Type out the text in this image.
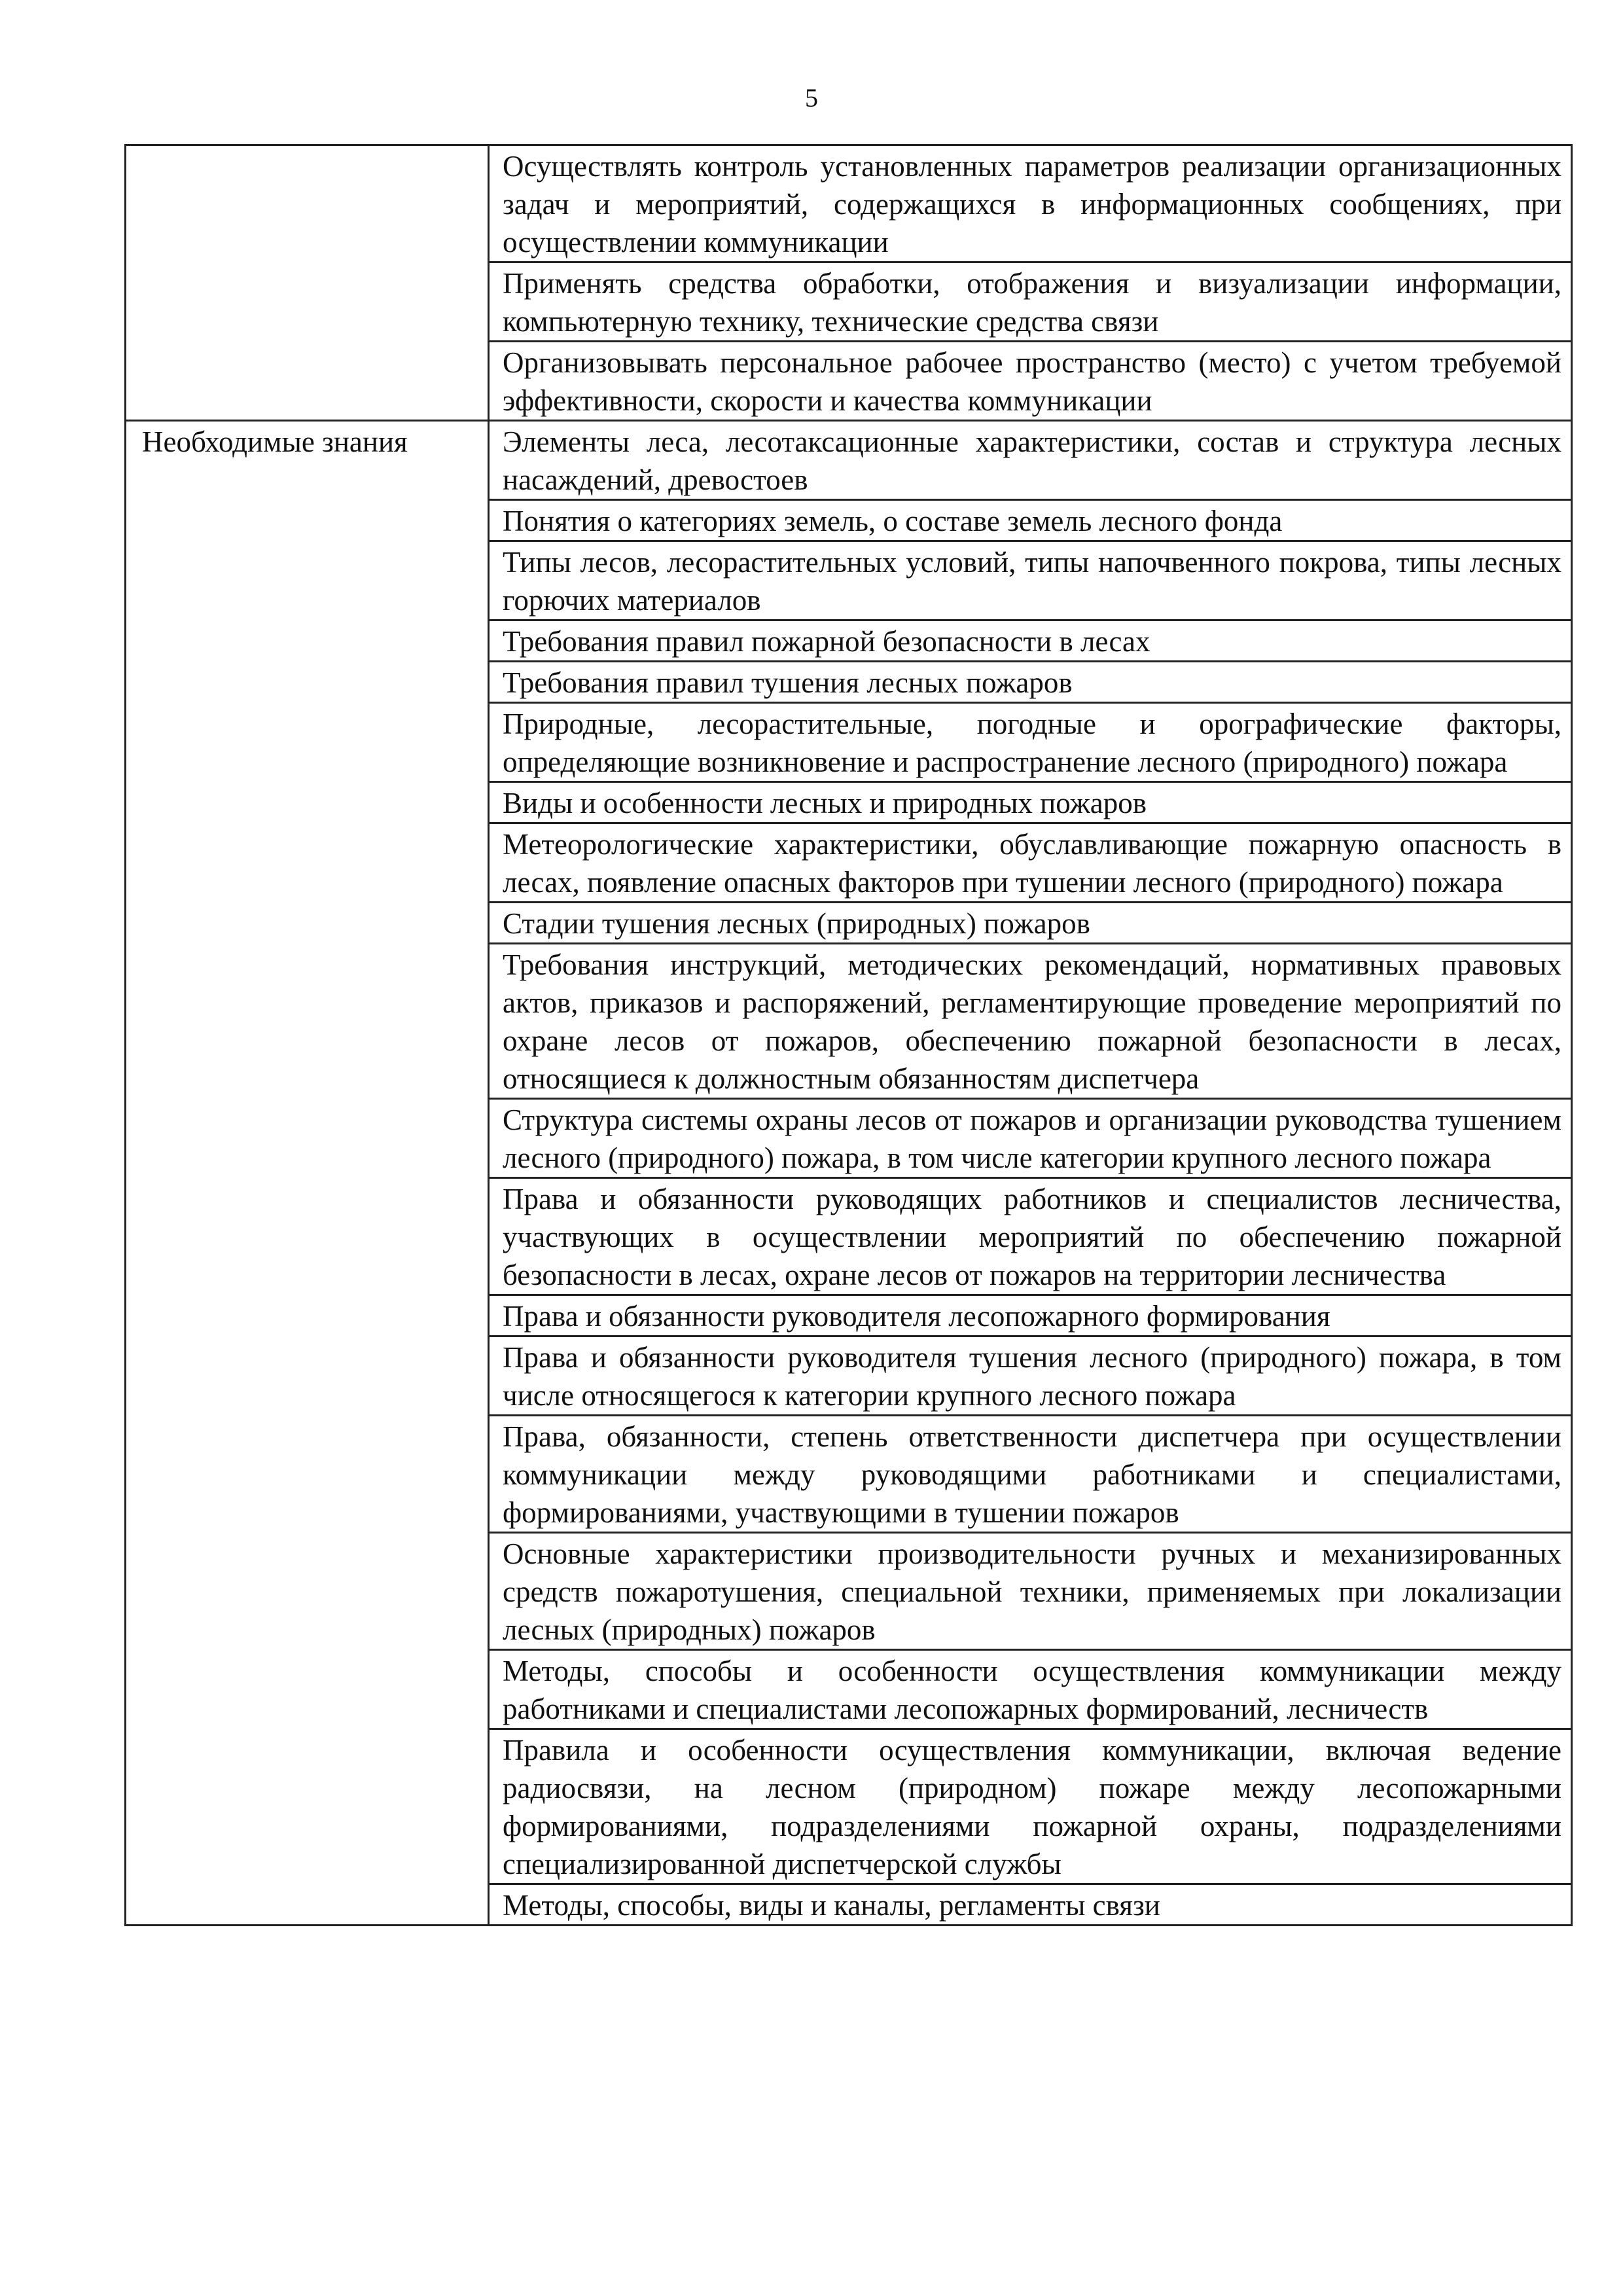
5
	Осуществлять контроль установленных параметров реализации организационных задач и мероприятий, содержащихся в информационных сообщениях, при осуществлении коммуникации
	Применять средства обработки, отображения и визуализации информации, компьютерную технику, технические средства связи
	Организовывать персональное рабочее пространство (место) с учетом требуемой эффективности, скорости и качества коммуникации
Необходимые знания	Элементы леса, лесотаксационные характеристики, состав и структура лесных насаждений, древостоев
	Понятия о категориях земель, о составе земель лесного фонда
	Типы лесов, лесорастительных условий, типы напочвенного покрова, типы лесных горючих материалов
	Требования правил пожарной безопасности в лесах
	Требования правил тушения лесных пожаров
	Природные, лесорастительные, погодные и орографические факторы, определяющие возникновение и распространение лесного (природного) пожара
	Виды и особенности лесных и природных пожаров
	Метеорологические характеристики, обуславливающие пожарную опасность в лесах, появление опасных факторов при тушении лесного (природного) пожара
	Стадии тушения лесных (природных) пожаров
	Требования инструкций, методических рекомендаций, нормативных правовых актов, приказов и распоряжений, регламентирующие проведение мероприятий по охране лесов от пожаров, обеспечению пожарной безопасности в лесах, относящиеся к должностным обязанностям диспетчера
	Структура системы охраны лесов от пожаров и организации руководства тушением лесного (природного) пожара, в том числе категории крупного лесного пожара
	Права и обязанности руководящих работников и специалистов лесничества, участвующих в осуществлении мероприятий по обеспечению пожарной безопасности в лесах, охране лесов от пожаров на территории лесничества
	Права и обязанности руководителя лесопожарного формирования
	Права и обязанности руководителя тушения лесного (природного) пожара, в том числе относящегося к категории крупного лесного пожара
	Права, обязанности, степень ответственности диспетчера при осуществлении коммуникации между руководящими работниками и специалистами, формированиями, участвующими в тушении пожаров
	Основные характеристики производительности ручных и механизированных средств пожаротушения, специальной техники, применяемых при локализации лесных (природных) пожаров
	Методы, способы и особенности осуществления коммуникации между работниками и специалистами лесопожарных формирований, лесничеств
	Правила и особенности осуществления коммуникации, включая ведение радиосвязи, на лесном (природном) пожаре между лесопожарными формированиями, подразделениями пожарной охраны, подразделениями специализированной диспетчерской службы
	Методы, способы, виды и каналы, регламенты связи
